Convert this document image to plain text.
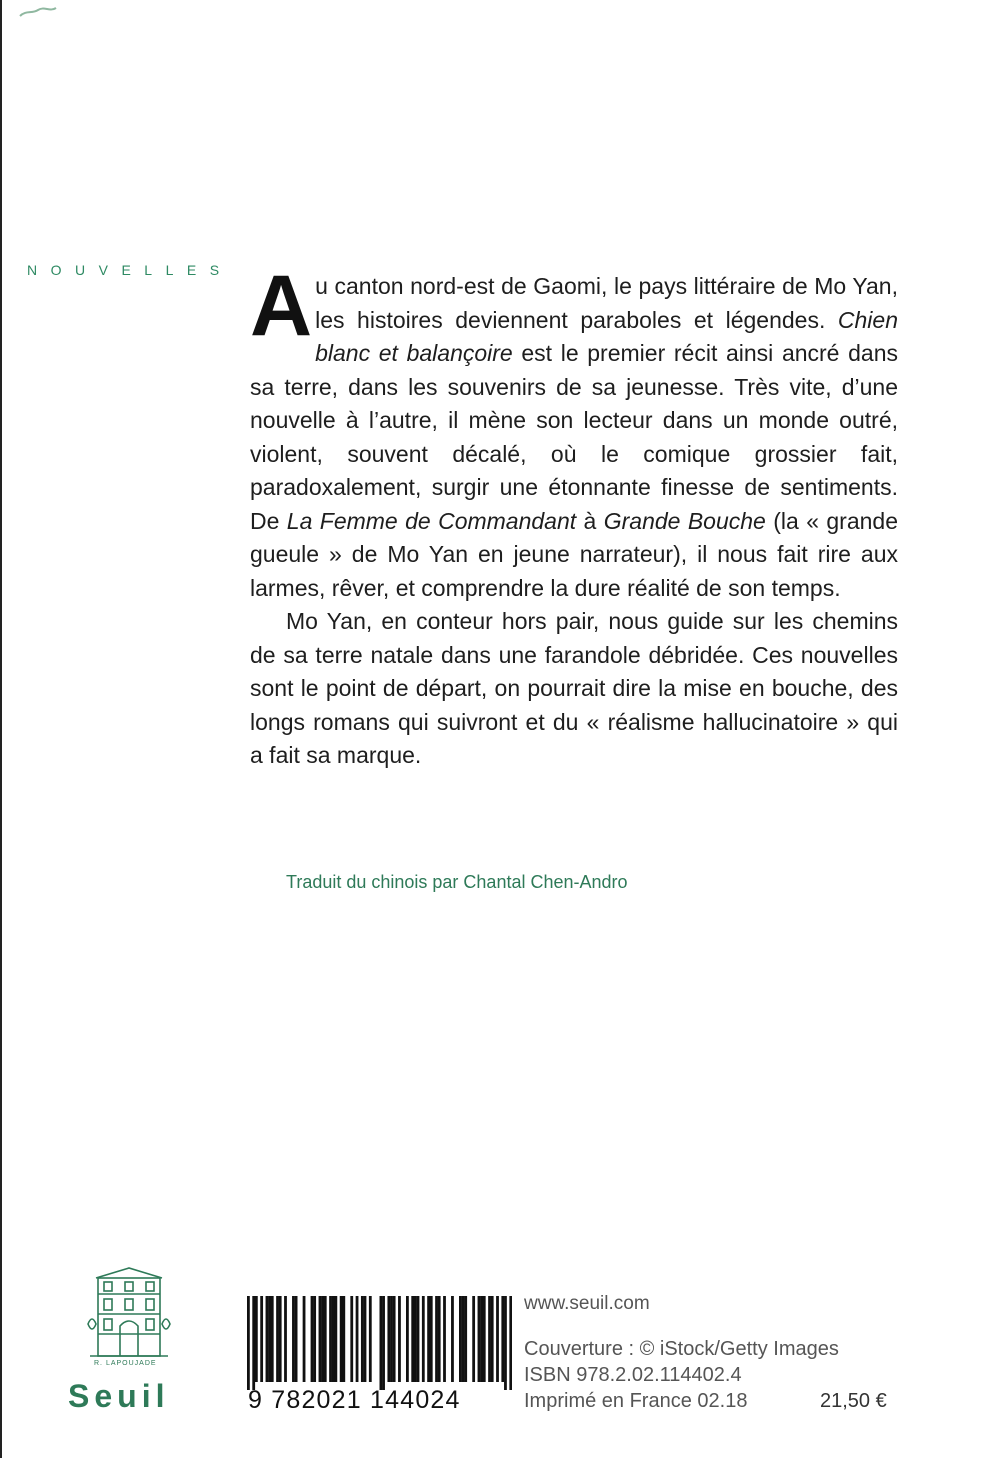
NOUVELLES Au canton nord-est de Gaomi, le pays littéraire de Mo Yan, les histoires deviennent paraboles et légendes. Chien blanc et balançoire est le premier récit ainsi ancré dans sa terre, dans les souvenirs de sa jeunesse. Très vite, d’une nouvelle à l’autre, il mène son lecteur dans un monde outré, violent, souvent décalé, où le comique grossier fait, paradoxalement, surgir une étonnante finesse de sentiments. De La Femme de Commandant à Grande Bouche (la « grande gueule » de Mo Yan en jeune narrateur), il nous fait rire aux larmes, rêver, et comprendre la dure réalité de son temps.

Mo Yan, en conteur hors pair, nous guide sur les chemins de sa terre natale dans une farandole débridée. Ces nouvelles sont le point de départ, on pourrait dire la mise en bouche, des longs romans qui suivront et du « réalisme hallucinatoire » qui a fait sa marque.

Traduit du chinois par Chantal Chen-Andro
R. LAPOUJADE
Seuil	9 782021 144024
www.seuil.com
Couverture : © iStock/Getty Images
ISBN 978.2.02.114402.4
Imprimé en France 02.18	21,50 €
